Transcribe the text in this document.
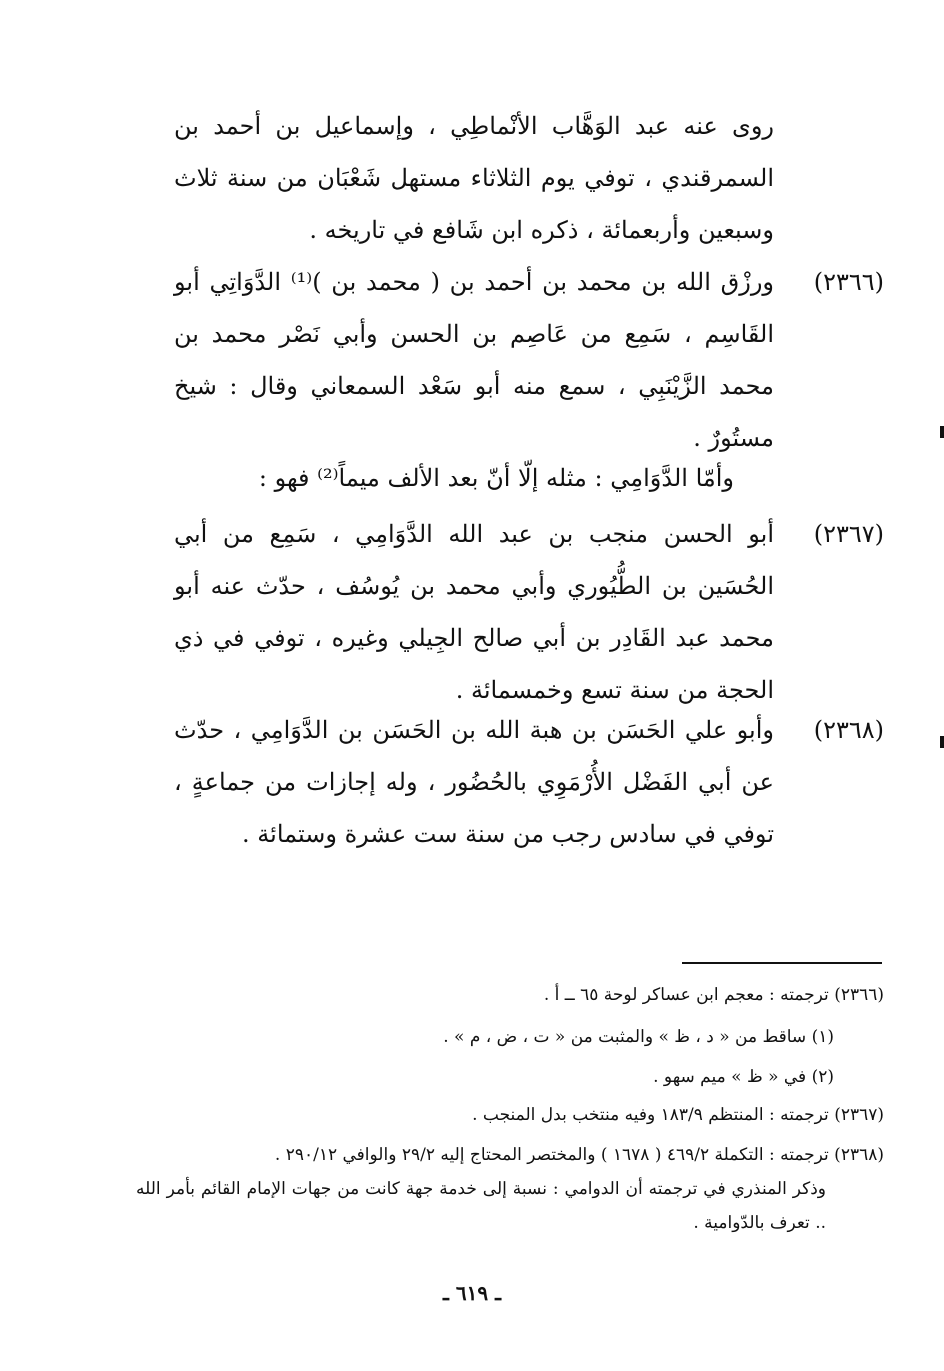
روى عنه عبد الوَهَّاب الأنْماطِي ، وإسماعيل بن أحمد بن السمرقندي ، توفي يوم الثلاثاء مستهل شَعْبَان من سنة ثلاث وسبعين وأربعمائة ، ذكره ابن شَافع في تاريخه .
(٢٣٦٦)
ورزْق الله بن محمد بن أحمد بن ( محمد بن )⁽¹⁾ الدَّوَاتِي أبو القَاسِم ، سَمِع من عَاصِم بن الحسن وأبي نَصْر محمد بن محمد الزَّيْنَبِي ، سمع منه أبو سَعْد السمعاني وقال : شيخ مستُورٌ .
وأمّا الدَّوَامِي : مثله إلّا أنّ بعد الألف ميماً⁽²⁾ فهو :
(٢٣٦٧)
أبو الحسن منجب بن عبد الله الدَّوَامِي ، سَمِع من أبي الحُسَين بن الطُّيُوري وأبي محمد بن يُوسُف ، حدّث عنه أبو محمد عبد القَادِر بن أبي صالح الجِيلي وغيره ، توفي في ذي الحجة من سنة تسع وخمسمائة .
(٢٣٦٨)
وأبو علي الحَسَن بن هبة الله بن الحَسَن بن الدَّوَامِي ، حدّث عن أبي الفَضْل الأُرْمَوِي بالحُضُور ، وله إجازات من جماعةٍ ، توفي في سادس رجب من سنة ست عشرة وستمائة .
(٢٣٦٦) ترجمته : معجم ابن عساكر لوحة ٦٥ ــ أ .
(١) ساقط من « د ، ظ » والمثبت من « ت ، ض ، م » .
(٢) في « ظ » ميم سهو .
(٢٣٦٧) ترجمته : المنتظم ١٨٣/٩ وفيه منتخب بدل المنجب .
(٢٣٦٨) ترجمته : التكملة ٤٦٩/٢ ( ١٦٧٨ ) والمختصر المحتاج إليه ٢٩/٢ والوافي ٢٩٠/١٢ .
وذكر المنذري في ترجمته أن الدوامي : نسبة إلى خدمة جهة كانت من جهات الإمام القائم بأمر الله .. تعرف بالدّوامية .
ـ ٦١٩ ـ
